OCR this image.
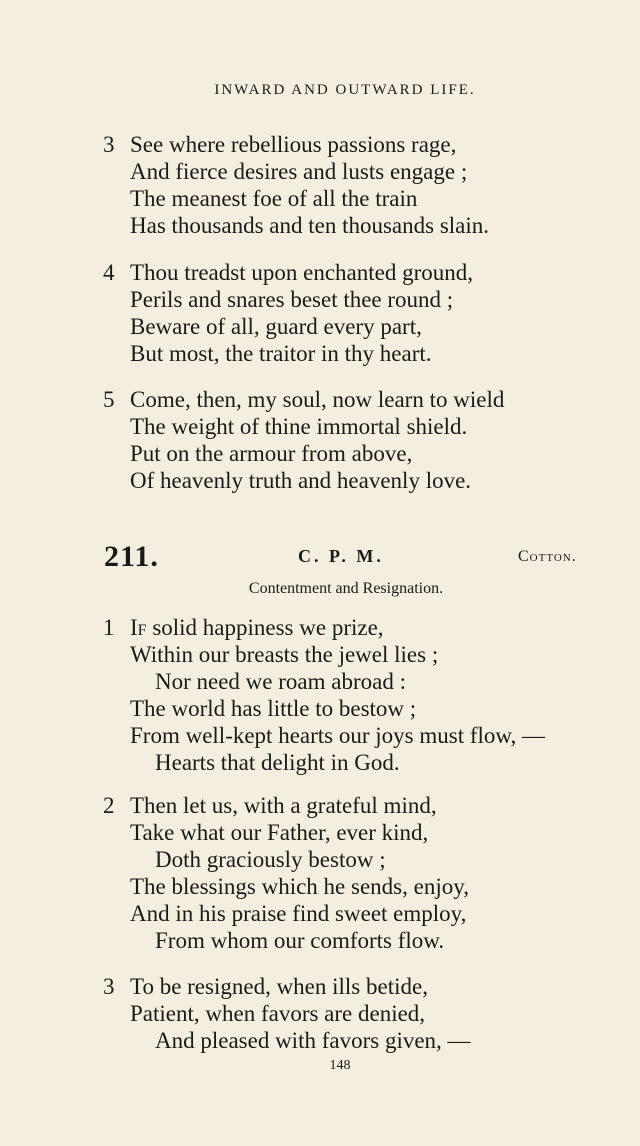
INWARD AND OUTWARD LIFE.
3 See where rebellious passions rage,
And fierce desires and lusts engage ;
The meanest foe of all the train
Has thousands and ten thousands slain.
4 Thou treadst upon enchanted ground,
Perils and snares beset thee round ;
Beware of all, guard every part,
But most, the traitor in thy heart.
5 Come, then, my soul, now learn to wield
The weight of thine immortal shield.
Put on the armour from above,
Of heavenly truth and heavenly love.
211.	C. P. M.	Cotton.
Contentment and Resignation.
1 If solid happiness we prize,
Within our breasts the jewel lies ;
Nor need we roam abroad :
The world has little to bestow ;
From well-kept hearts our joys must flow, —
Hearts that delight in God.
2 Then let us, with a grateful mind,
Take what our Father, ever kind,
Doth graciously bestow ;
The blessings which he sends, enjoy,
And in his praise find sweet employ,
From whom our comforts flow.
3 To be resigned, when ills betide,
Patient, when favors are denied,
And pleased with favors given, —
148
